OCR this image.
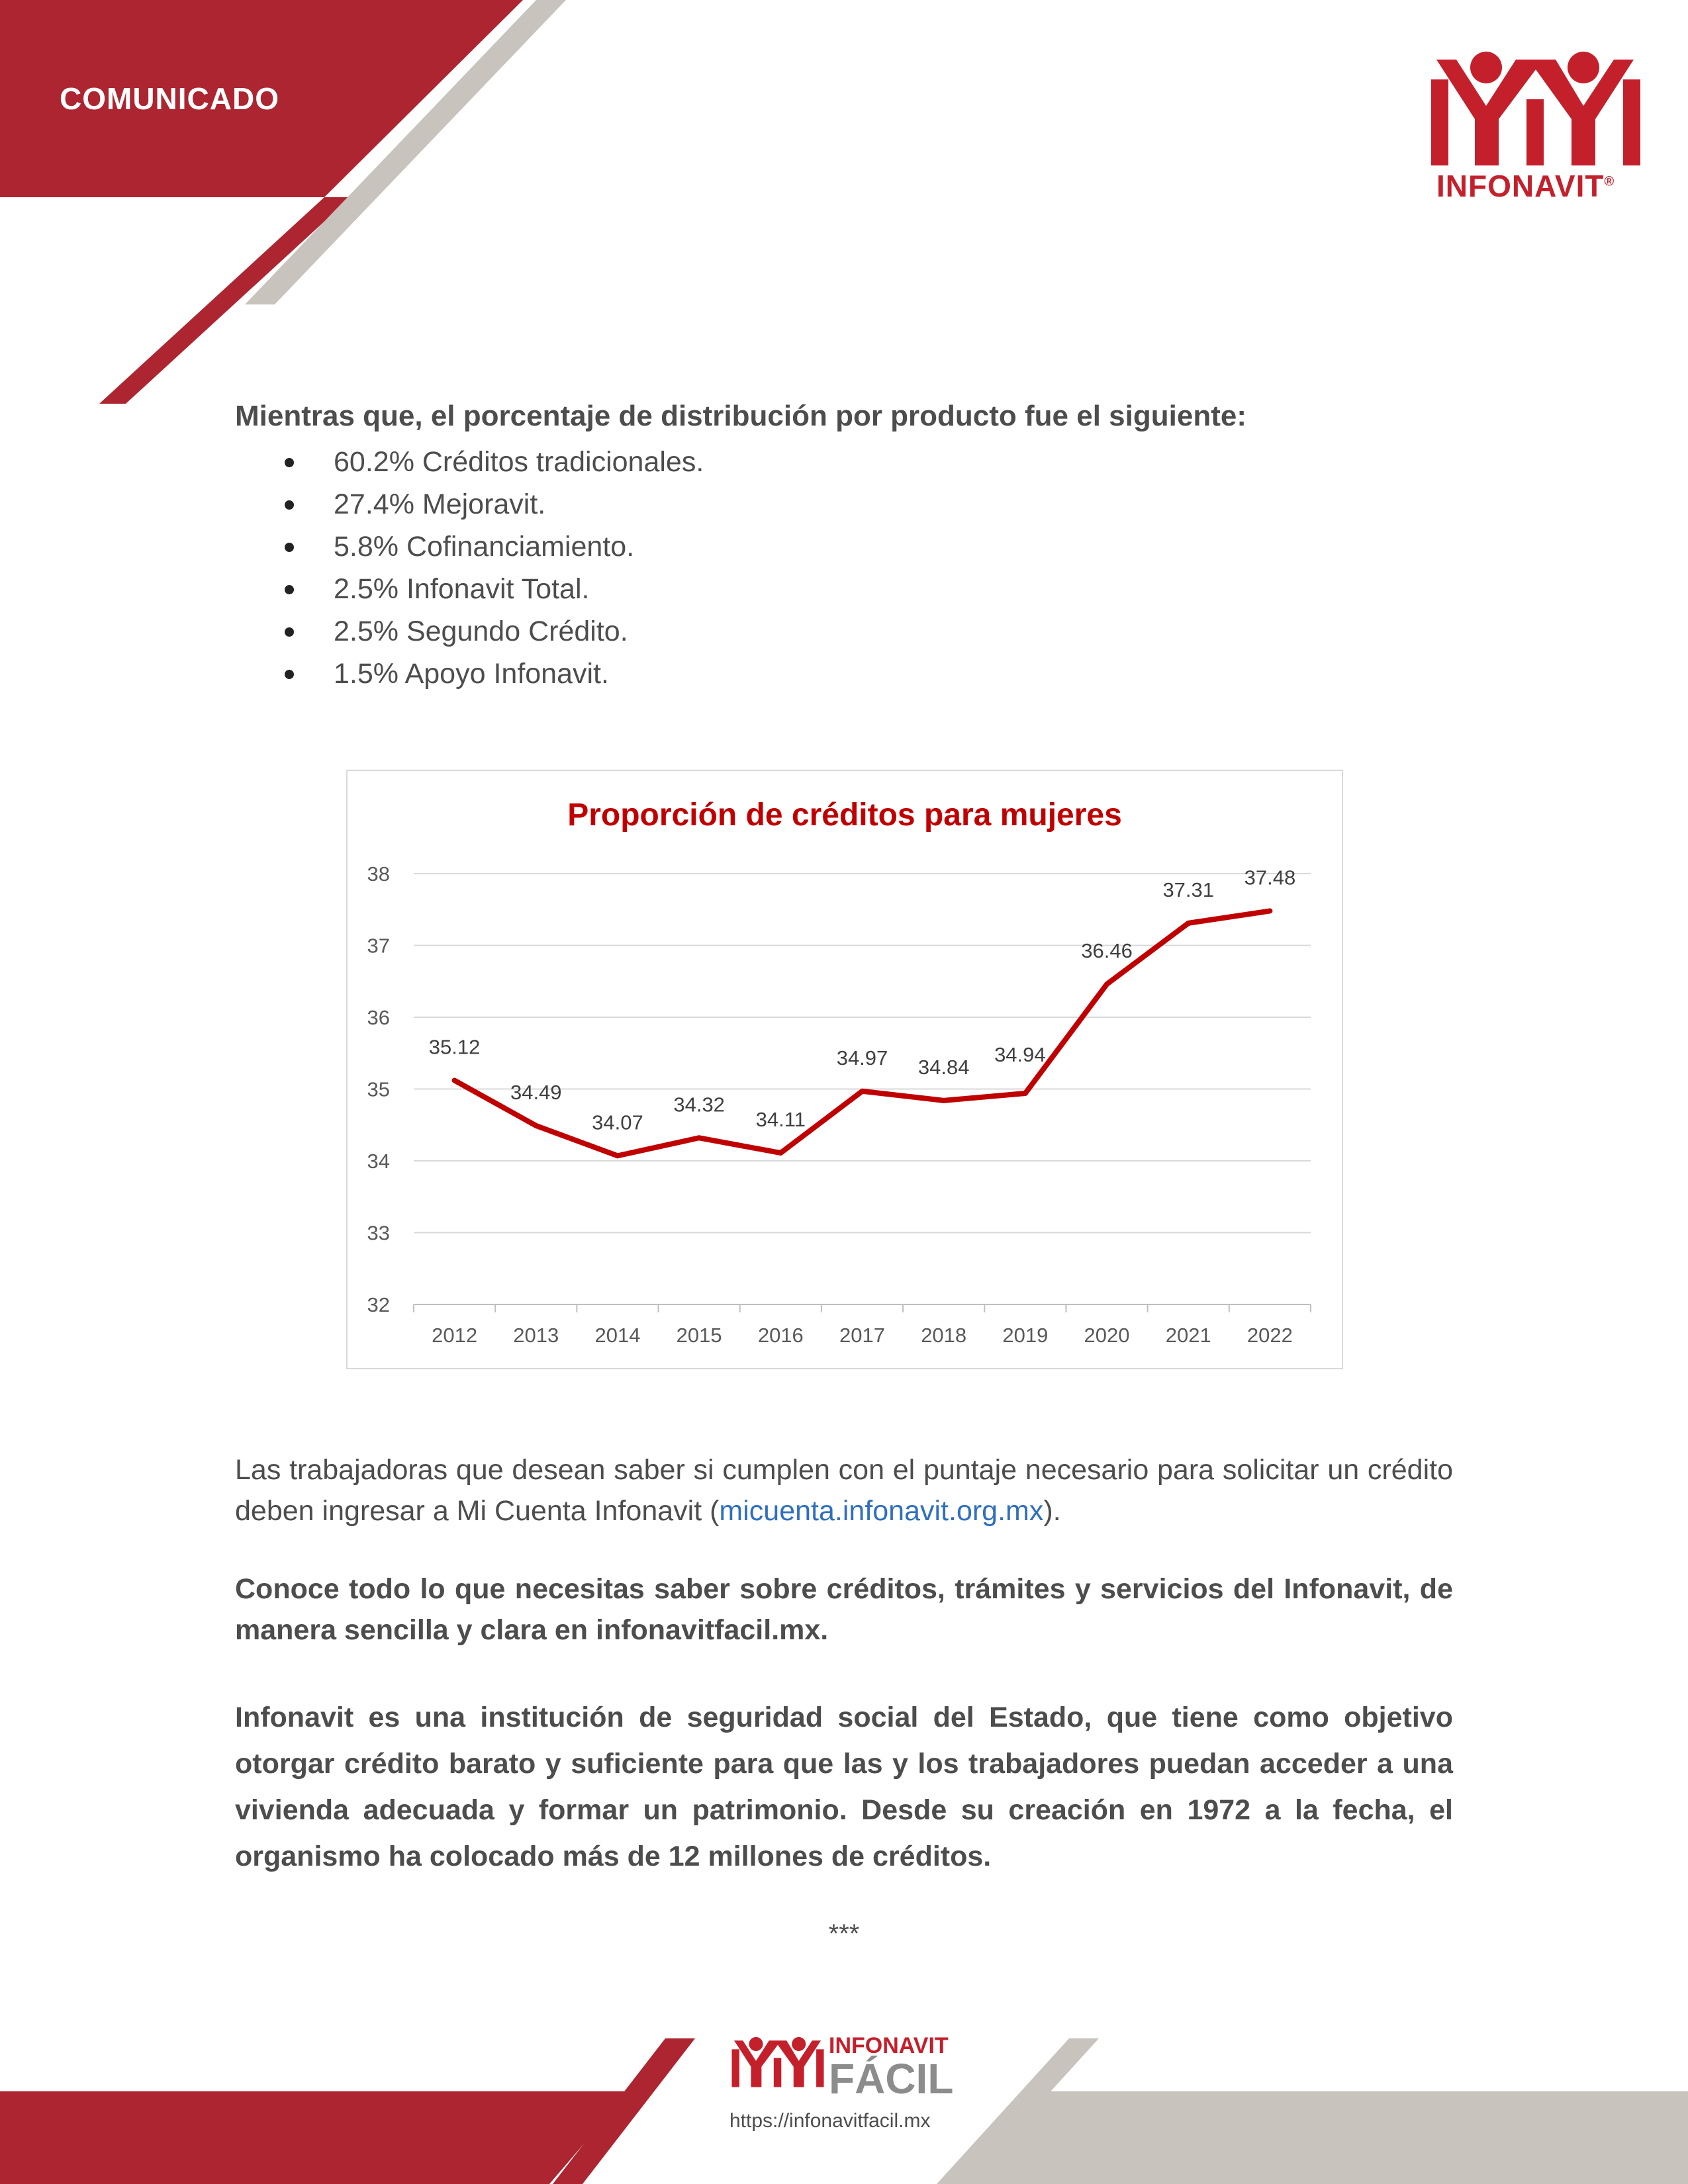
COMUNICADO
INFONAVIT®
Mientras que, el porcentaje de distribución por producto fue el siguiente:
60.2% Créditos tradicionales.
27.4% Mejoravit.
5.8% Cofinanciamiento.
2.5% Infonavit Total.
2.5% Segundo Crédito.
1.5% Apoyo Infonavit.
Proporción de créditos para mujeres
32
33
34
35
36
37
38
2012 2013 2014 2015 2016 2017 2018 2019 2020 2021 2022
35.12
34.49
34.07
34.32
34.11
34.97 34.84
34.94
36.46
37.31
37.48
Las trabajadoras que desean saber si cumplen con el puntaje necesario para solicitar un crédito deben ingresar a Mi Cuenta Infonavit (micuenta.infonavit.org.mx).
Conoce todo lo que necesitas saber sobre créditos, trámites y servicios del Infonavit, de manera sencilla y clara en infonavitfacil.mx.
Infonavit es una institución de seguridad social del Estado, que tiene como objetivo otorgar crédito barato y suficiente para que las y los trabajadores puedan acceder a una vivienda adecuada y formar un patrimonio. Desde su creación en 1972 a la fecha, el organismo ha colocado más de 12 millones de créditos.
***
INFONAVIT
FÁCIL
https://infonavitfacil.mx
